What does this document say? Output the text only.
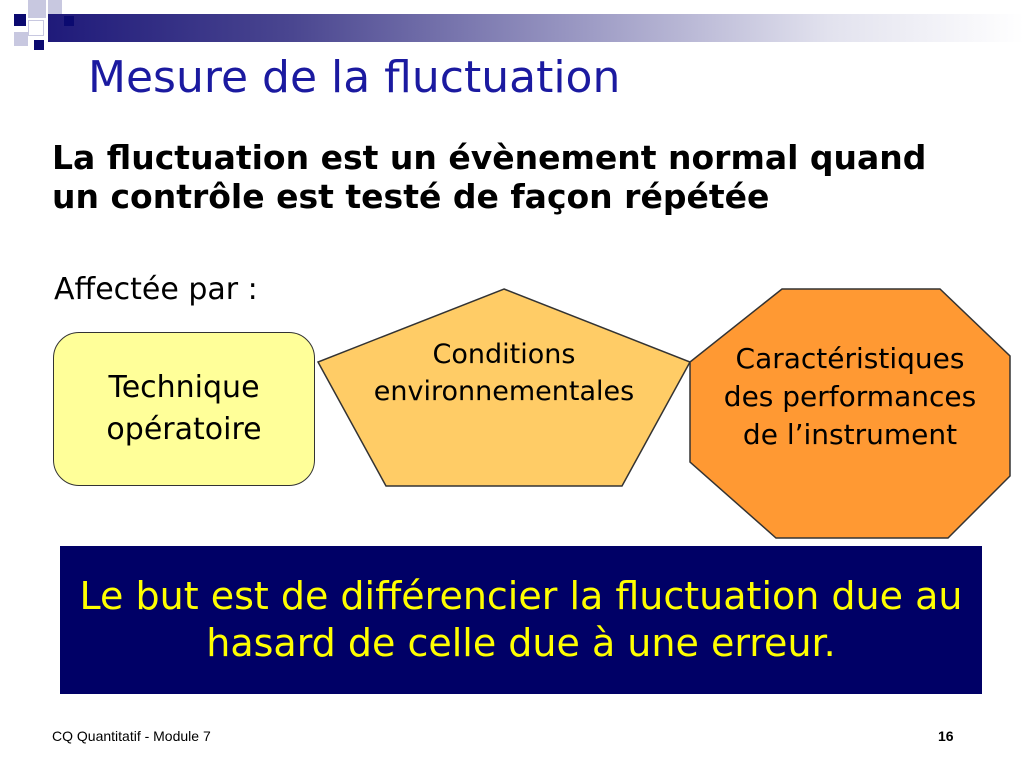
Mesure de la fluctuation
La fluctuation est un évènement normal quand un contrôle est testé de façon répétée
Affectée par :
Technique
opératoire
Conditions
environnementales
Caractéristiques
des performances
de l’instrument
Le but est de différencier la fluctuation due au hasard de celle due à une erreur.
CQ Quantitatif - Module 7	16
